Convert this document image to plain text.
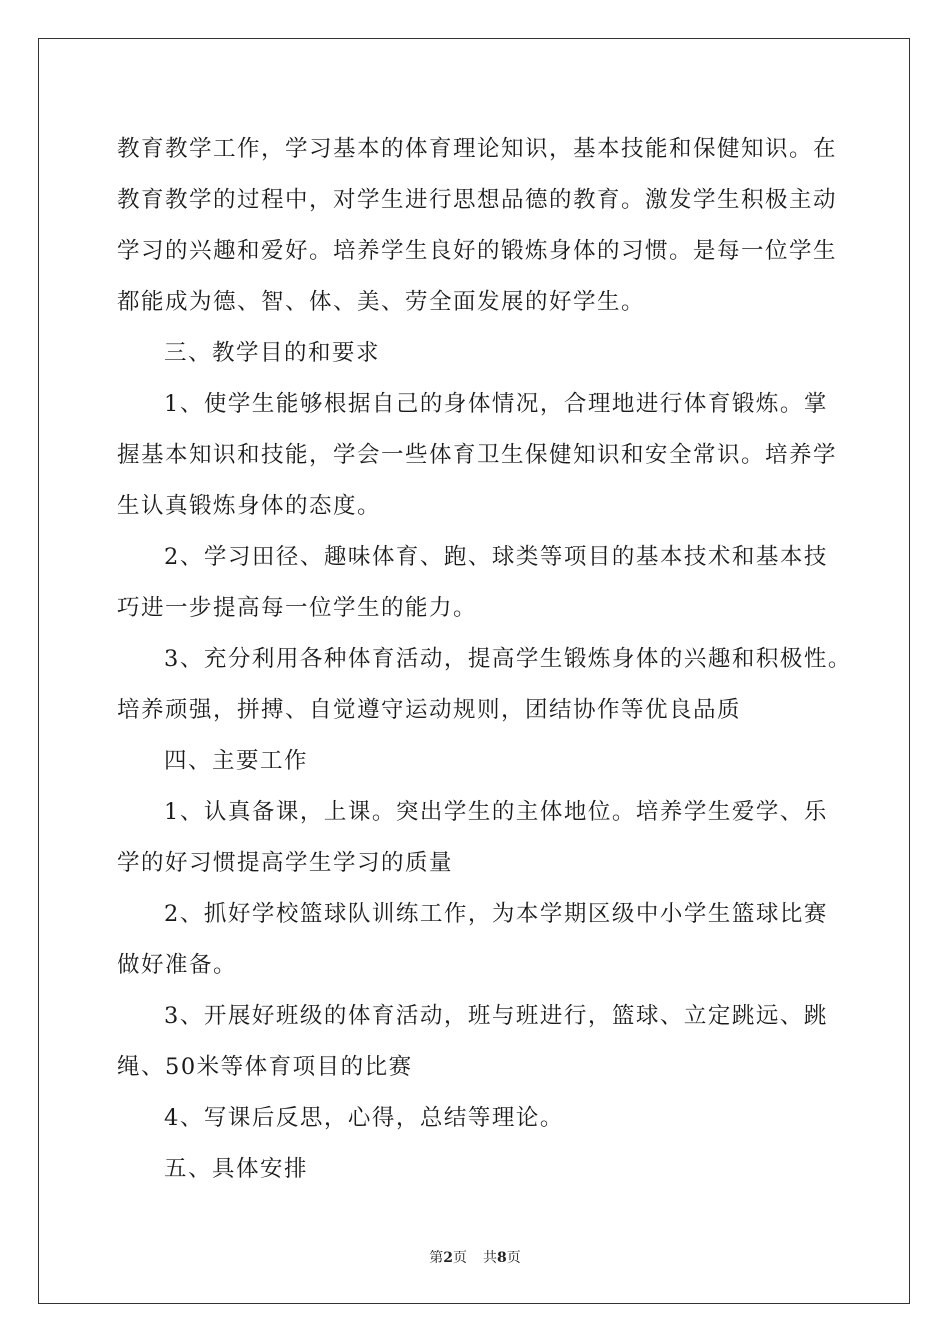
教育教学工作，学习基本的体育理论知识，基本技能和保健知识。在
教育教学的过程中，对学生进行思想品德的教育。激发学生积极主动
学习的兴趣和爱好。培养学生良好的锻炼身体的习惯。是每一位学生
都能成为德、智、体、美、劳全面发展的好学生。
三、教学目的和要求
1、使学生能够根据自己的身体情况，合理地进行体育锻炼。掌
握基本知识和技能，学会一些体育卫生保健知识和安全常识。培养学
生认真锻炼身体的态度。
2、学习田径、趣味体育、跑、球类等项目的基本技术和基本技
巧进一步提高每一位学生的能力。
3、充分利用各种体育活动，提高学生锻炼身体的兴趣和积极性。
培养顽强，拼搏、自觉遵守运动规则，团结协作等优良品质
四、主要工作
1、认真备课，上课。突出学生的主体地位。培养学生爱学、乐
学的好习惯提高学生学习的质量
2、抓好学校篮球队训练工作，为本学期区级中小学生篮球比赛
做好准备。
3、开展好班级的体育活动，班与班进行，篮球、立定跳远、跳
绳、50米等体育项目的比赛
4、写课后反思，心得，总结等理论。
五、具体安排
第2页 共8页
